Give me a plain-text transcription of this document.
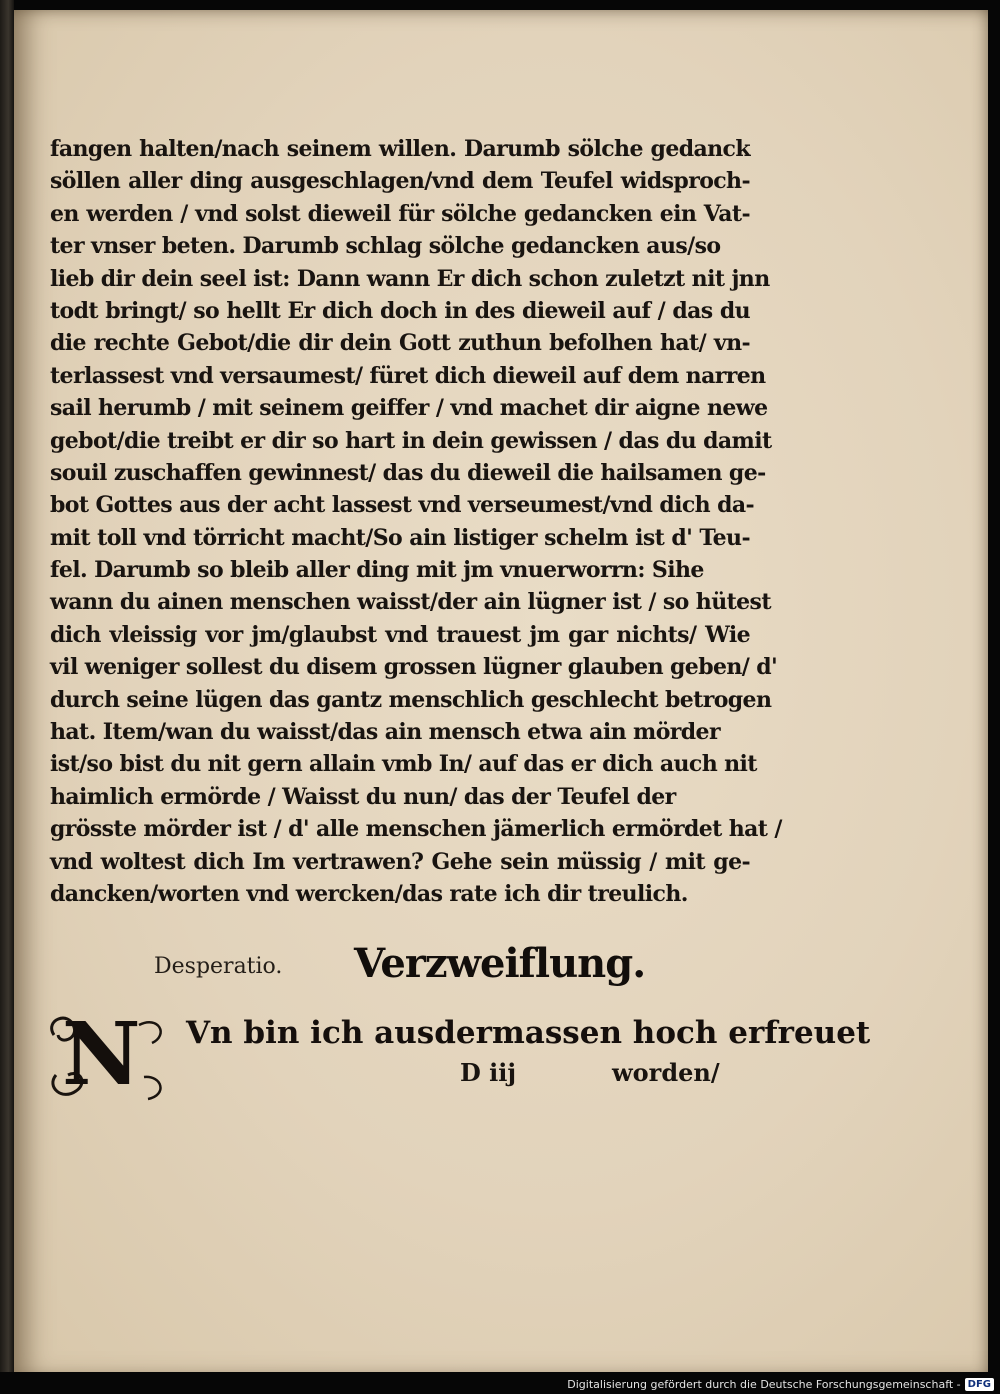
fangen halten/nach seinem willen. Darumb sölche gedanck
söllen aller ding ausgeschlagen/vnd dem Teufel widsproch-
en werden / vnd solst dieweil für sölche gedancken ein Vat-
ter vnser beten. Darumb schlag sölche gedancken aus/so
lieb dir dein seel ist: Dann wann Er dich schon zuletzt nit jnn
todt bringt/ so hellt Er dich doch in des dieweil auf / das du
die rechte Gebot/die dir dein Gott zuthun befolhen hat/ vn-
terlassest vnd versaumest/ füret dich dieweil auf dem narren
sail herumb / mit seinem geiffer / vnd machet dir aigne newe
gebot/die treibt er dir so hart in dein gewissen / das du damit
souil zuschaffen gewinnest/ das du dieweil die hailsamen ge-
bot Gottes aus der acht lassest vnd verseumest/vnd dich da-
mit toll vnd törricht macht/So ain listiger schelm ist d' Teu-
fel. Darumb so bleib aller ding mit jm vnuerworrn: Sihe
wann du ainen menschen waisst/der ain lügner ist / so hütest
dich vleissig vor jm/glaubst vnd trauest jm gar nichts/ Wie
vil weniger sollest du disem grossen lügner glauben geben/ d'
durch seine lügen das gantz menschlich geschlecht betrogen
hat. Item/wan du waisst/das ain mensch etwa ain mörder
ist/so bist du nit gern allain vmb In/ auf das er dich auch nit
haimlich ermörde / Waisst du nun/ das der Teufel der
grösste mörder ist / d' alle menschen jämerlich ermördet hat /
vnd woltest dich Im vertrawen? Gehe sein müssig / mit ge-
dancken/worten vnd wercken/das rate ich dir treulich.
Desperatio. Verzweiflung.
N Vn bin ich ausdermassen hoch erfreuet
D iij	worden/
Digitalisierung gefördert durch die Deutsche Forschungsgemeinschaft - DFG
